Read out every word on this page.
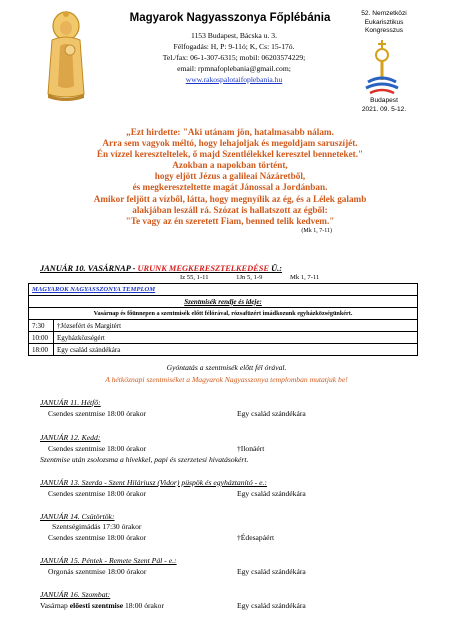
Magyarok Nagyasszonya Főplébánia
1153 Budapest, Bácska u. 3.
Félfogadás: H, P: 9-11ó; K, Cs: 15-17ó.
Tel./fax: 06-1-307-6315; mobil: 06203574229;
email: rpmnafoplebania@gmail.com;
www.rakospalotaifoplebania.hu
52. Nemzetközi
Eukarisztikus
Kongresszus
Budapest
2021. 09. 5-12.
„Ezt hirdette: "Aki utánam jön, hatalmasabb nálam.
Arra sem vagyok méltó, hogy lehajoljak és megoldjam saruszíjét.
Én vízzel kereszteltelek, ő majd Szentlélekkel keresztel benneteket."
Azokban a napokban történt,
hogy eljött Jézus a galileai Názáretből,
és megkereszteltette magát Jánossal a Jordánban.
Amikor feljött a vízből, látta, hogy megnyílik az ég, és a Lélek galamb
alakjában leszáll rá. Szózat is hallatszott az égből:
"Te vagy az én szeretett Fiam, benned telik kedvem."
(Mk 1, 7-11)
JANUÁR 10. VASÁRNAP - URUNK MEGKERESZTELKEDÉSE Ü.:
Iz 55, 1-11	1Jn 5, 1-9	Mk 1, 7-11
MAGYAROK NAGYASSZONYA TEMPLOM	
Szentmisék rendje és ideje:	
Vasárnap és főünnepen a szentmisék előtt félórával, rózsafüzért imádkozunk egyházközségünkért.	
7:30	†Józsefért és Margitért
10:00	Egyházközségért
18:00	Egy család szándékára
Gyóntatás a szentmisék előtt fél órával.
A hétköznapi szentmiséket a Magyarok Nagyasszonya templomban mutatjuk be!
JANUÁR 11. Hétfő:
Csendes szentmise 18:00 órakor	Egy család szándékára
JANUÁR 12. Kedd:
Csendes szentmise 18:00 órakor	†Ilonáért
Szentmise után zsolozsma a hívekkel, papi és szerzetesi hivatásokért.
JANUÁR 13. Szerda - Szent Hiláriusz (Vidor) püspök és egyháztanító - e.:
Csendes szentmise 18:00 órakor	Egy család szándékára
JANUÁR 14. Csütörtök:
Szentségimádás 17:30 órakor
Csendes szentmise 18:00 órakor	†Édesapáért
JANUÁR 15. Péntek - Remete Szent Pál - e.:
Orgonás szentmise 18:00 órakor	Egy család szándékára
JANUÁR 16. Szombat:
Vasárnap előesti szentmise 18:00 órakor	Egy család szándékára
